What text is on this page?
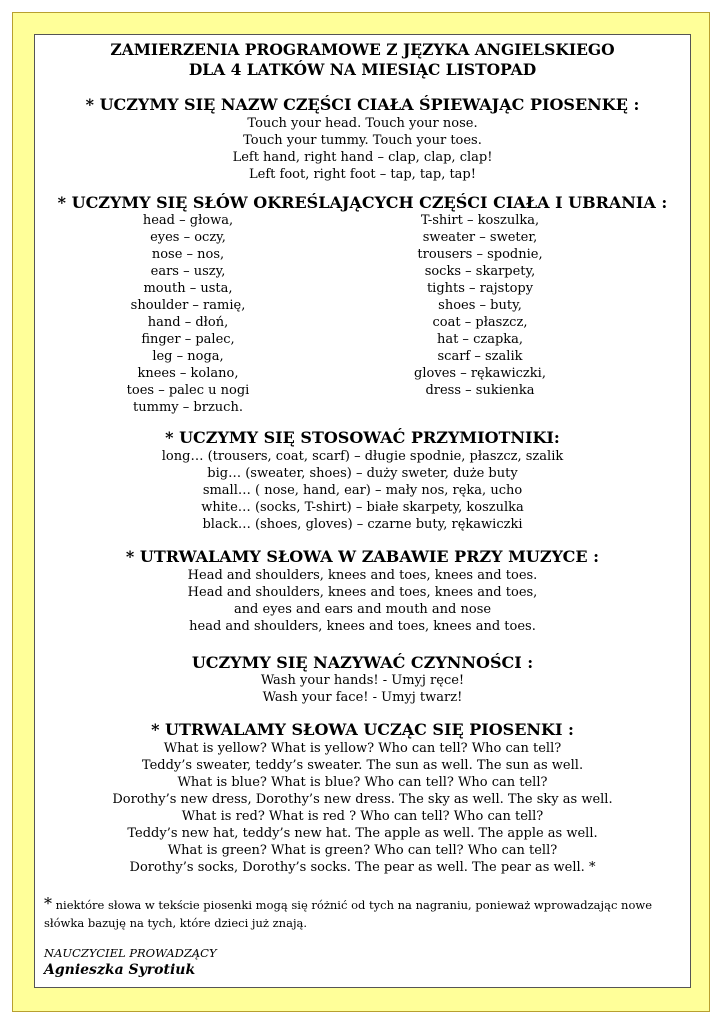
ZAMIERZENIA PROGRAMOWE Z JĘZYKA ANGIELSKIEGO
DLA 4 LATKÓW NA MIESIĄC LISTOPAD
* UCZYMY SIĘ NAZW CZĘŚCI CIAŁA ŚPIEWAJĄC PIOSENKĘ :
Touch your head. Touch your nose.
Touch your tummy. Touch your toes.
Left hand, right hand – clap, clap, clap!
Left foot, right foot – tap, tap, tap!
* UCZYMY SIĘ SŁÓW OKREŚLAJĄCYCH CZĘŚCI CIAŁA I UBRANIA :
head – głowa,
eyes – oczy,
nose – nos,
ears – uszy,
mouth – usta,
shoulder – ramię,
hand – dłoń,
finger – palec,
leg – noga,
knees – kolano,
toes – palec u nogi
tummy – brzuch.
T-shirt – koszulka,
sweater – sweter,
trousers – spodnie,
socks – skarpety,
tights – rajstopy
shoes – buty,
coat – płaszcz,
hat – czapka,
scarf – szalik
gloves – rękawiczki,
dress – sukienka
* UCZYMY SIĘ STOSOWAĆ PRZYMIOTNIKI:
long… (trousers, coat, scarf) – długie spodnie, płaszcz, szalik
big… (sweater, shoes) – duży sweter, duże buty
small… ( nose, hand, ear) – mały nos, ręka, ucho
white… (socks, T-shirt) – białe skarpety, koszulka
black… (shoes, gloves) – czarne buty, rękawiczki
* UTRWALAMY SŁOWA W ZABAWIE PRZY MUZYCE :
Head and shoulders, knees and toes, knees and toes.
Head and shoulders, knees and toes, knees and toes,
and eyes and ears and mouth and nose
head and shoulders, knees and toes, knees and toes.
UCZYMY SIĘ NAZYWAĆ CZYNNOŚCI :
Wash your hands! - Umyj ręce!
Wash your face! - Umyj twarz!
* UTRWALAMY SŁOWA UCZĄC SIĘ PIOSENKI :
What is yellow? What is yellow? Who can tell? Who can tell?
Teddy’s sweater, teddy’s sweater. The sun as well. The sun as well.
What is blue? What is blue? Who can tell? Who can tell?
Dorothy’s new dress, Dorothy’s new dress. The sky as well. The sky as well.
What is red? What is red ? Who can tell? Who can tell?
Teddy’s new hat, teddy’s new hat. The apple as well. The apple as well.
What is green? What is green? Who can tell? Who can tell?
Dorothy’s socks, Dorothy’s socks. The pear as well. The pear as well. *
* niektóre słowa w tekście piosenki mogą się różnić od tych na nagraniu, ponieważ wprowadzając nowe słówka bazuję na tych, które dzieci już znają.
NAUCZYCIEL PROWADZĄCY
Agnieszka Syrotiuk
